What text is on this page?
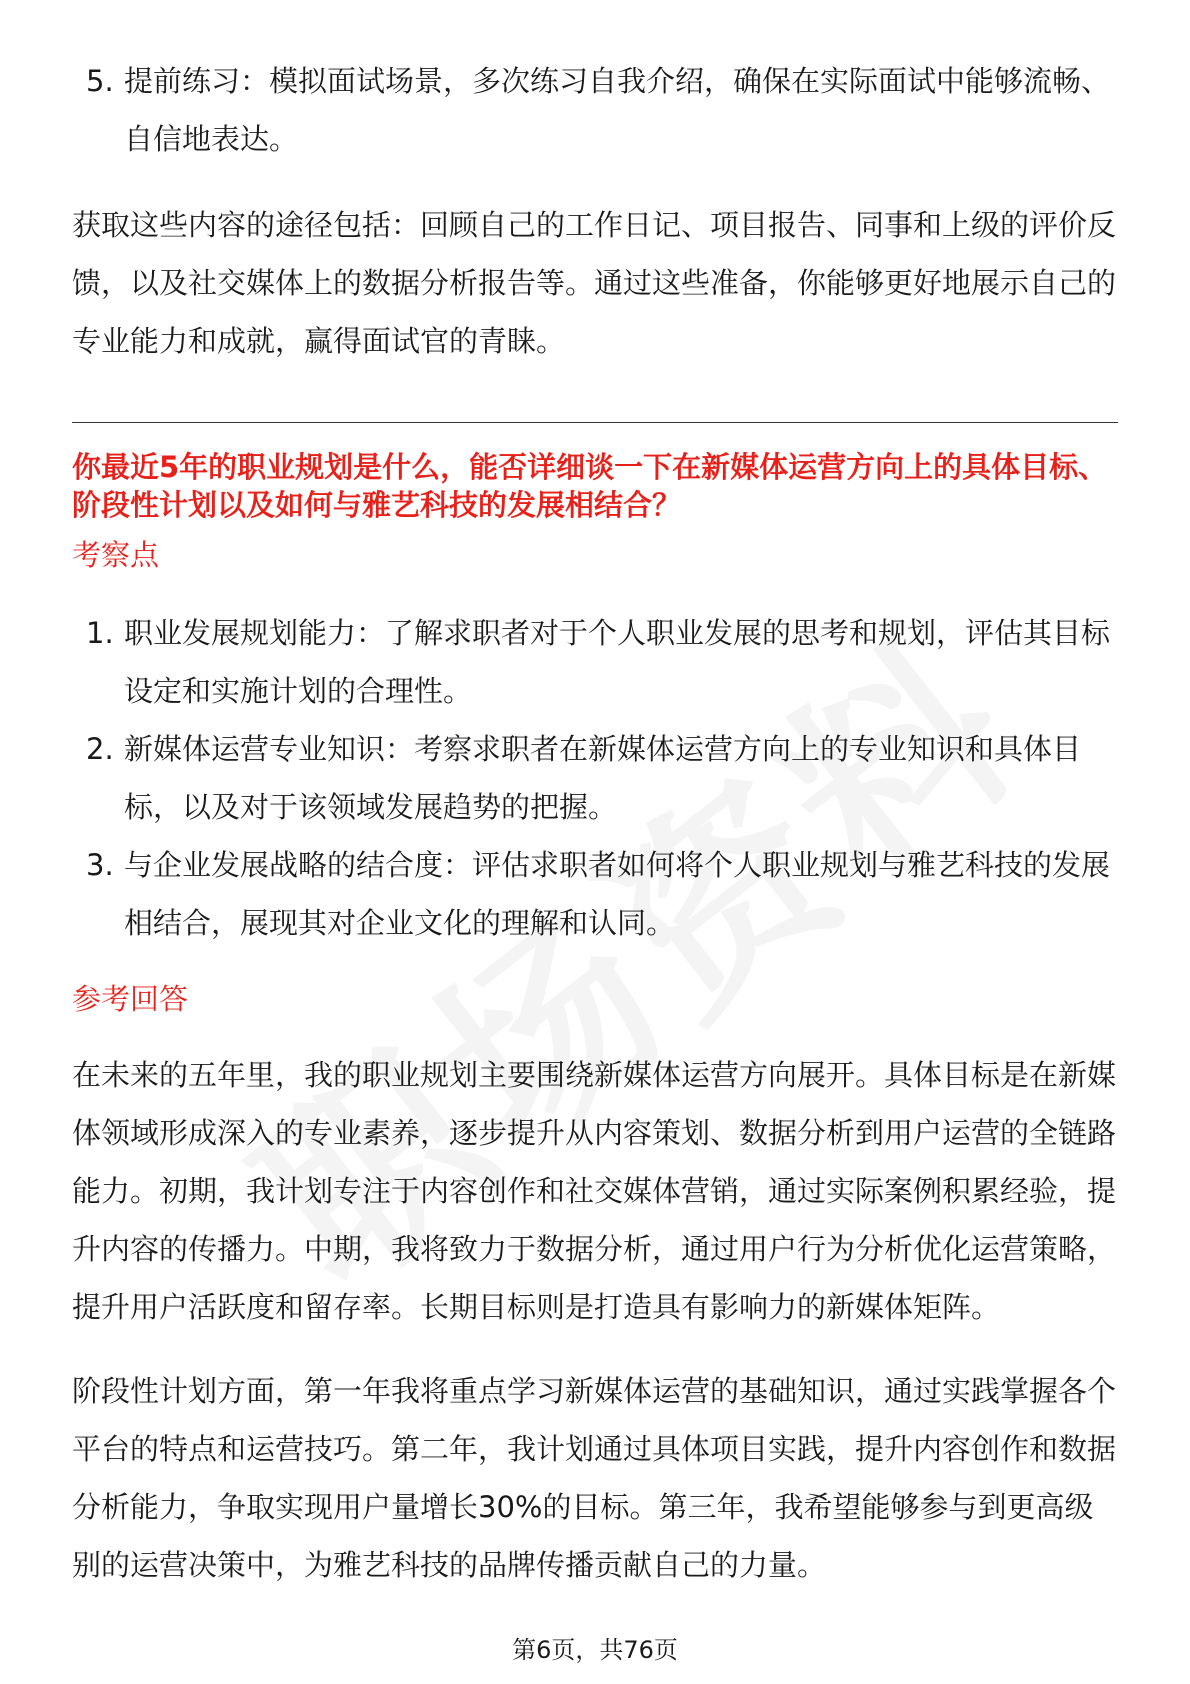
5. 提前练习：模拟面试场景，多次练习自我介绍，确保在实际面试中能够流畅、自信地表达。

获取这些内容的途径包括：回顾自己的工作日记、项目报告、同事和上级的评价反馈，以及社交媒体上的数据分析报告等。通过这些准备，你能够更好地展示自己的专业能力和成就，赢得面试官的青睐。

你最近5年的职业规划是什么，能否详细谈一下在新媒体运营方向上的具体目标、阶段性计划以及如何与雅艺科技的发展相结合？

考察点

1. 职业发展规划能力：了解求职者对于个人职业发展的思考和规划，评估其目标设定和实施计划的合理性。
2. 新媒体运营专业知识：考察求职者在新媒体运营方向上的专业知识和具体目标，以及对于该领域发展趋势的把握。
3. 与企业发展战略的结合度：评估求职者如何将个人职业规划与雅艺科技的发展相结合，展现其对企业文化的理解和认同。

参考回答

在未来的五年里，我的职业规划主要围绕新媒体运营方向展开。具体目标是在新媒体领域形成深入的专业素养，逐步提升从内容策划、数据分析到用户运营的全链路能力。初期，我计划专注于内容创作和社交媒体营销，通过实际案例积累经验，提升内容的传播力。中期，我将致力于数据分析，通过用户行为分析优化运营策略，提升用户活跃度和留存率。长期目标则是打造具有影响力的新媒体矩阵。

阶段性计划方面，第一年我将重点学习新媒体运营的基础知识，通过实践掌握各个平台的特点和运营技巧。第二年，我计划通过具体项目实践，提升内容创作和数据分析能力，争取实现用户量增长30%的目标。第三年，我希望能够参与到更高级别的运营决策中，为雅艺科技的品牌传播贡献自己的力量。

第6页，共76页
